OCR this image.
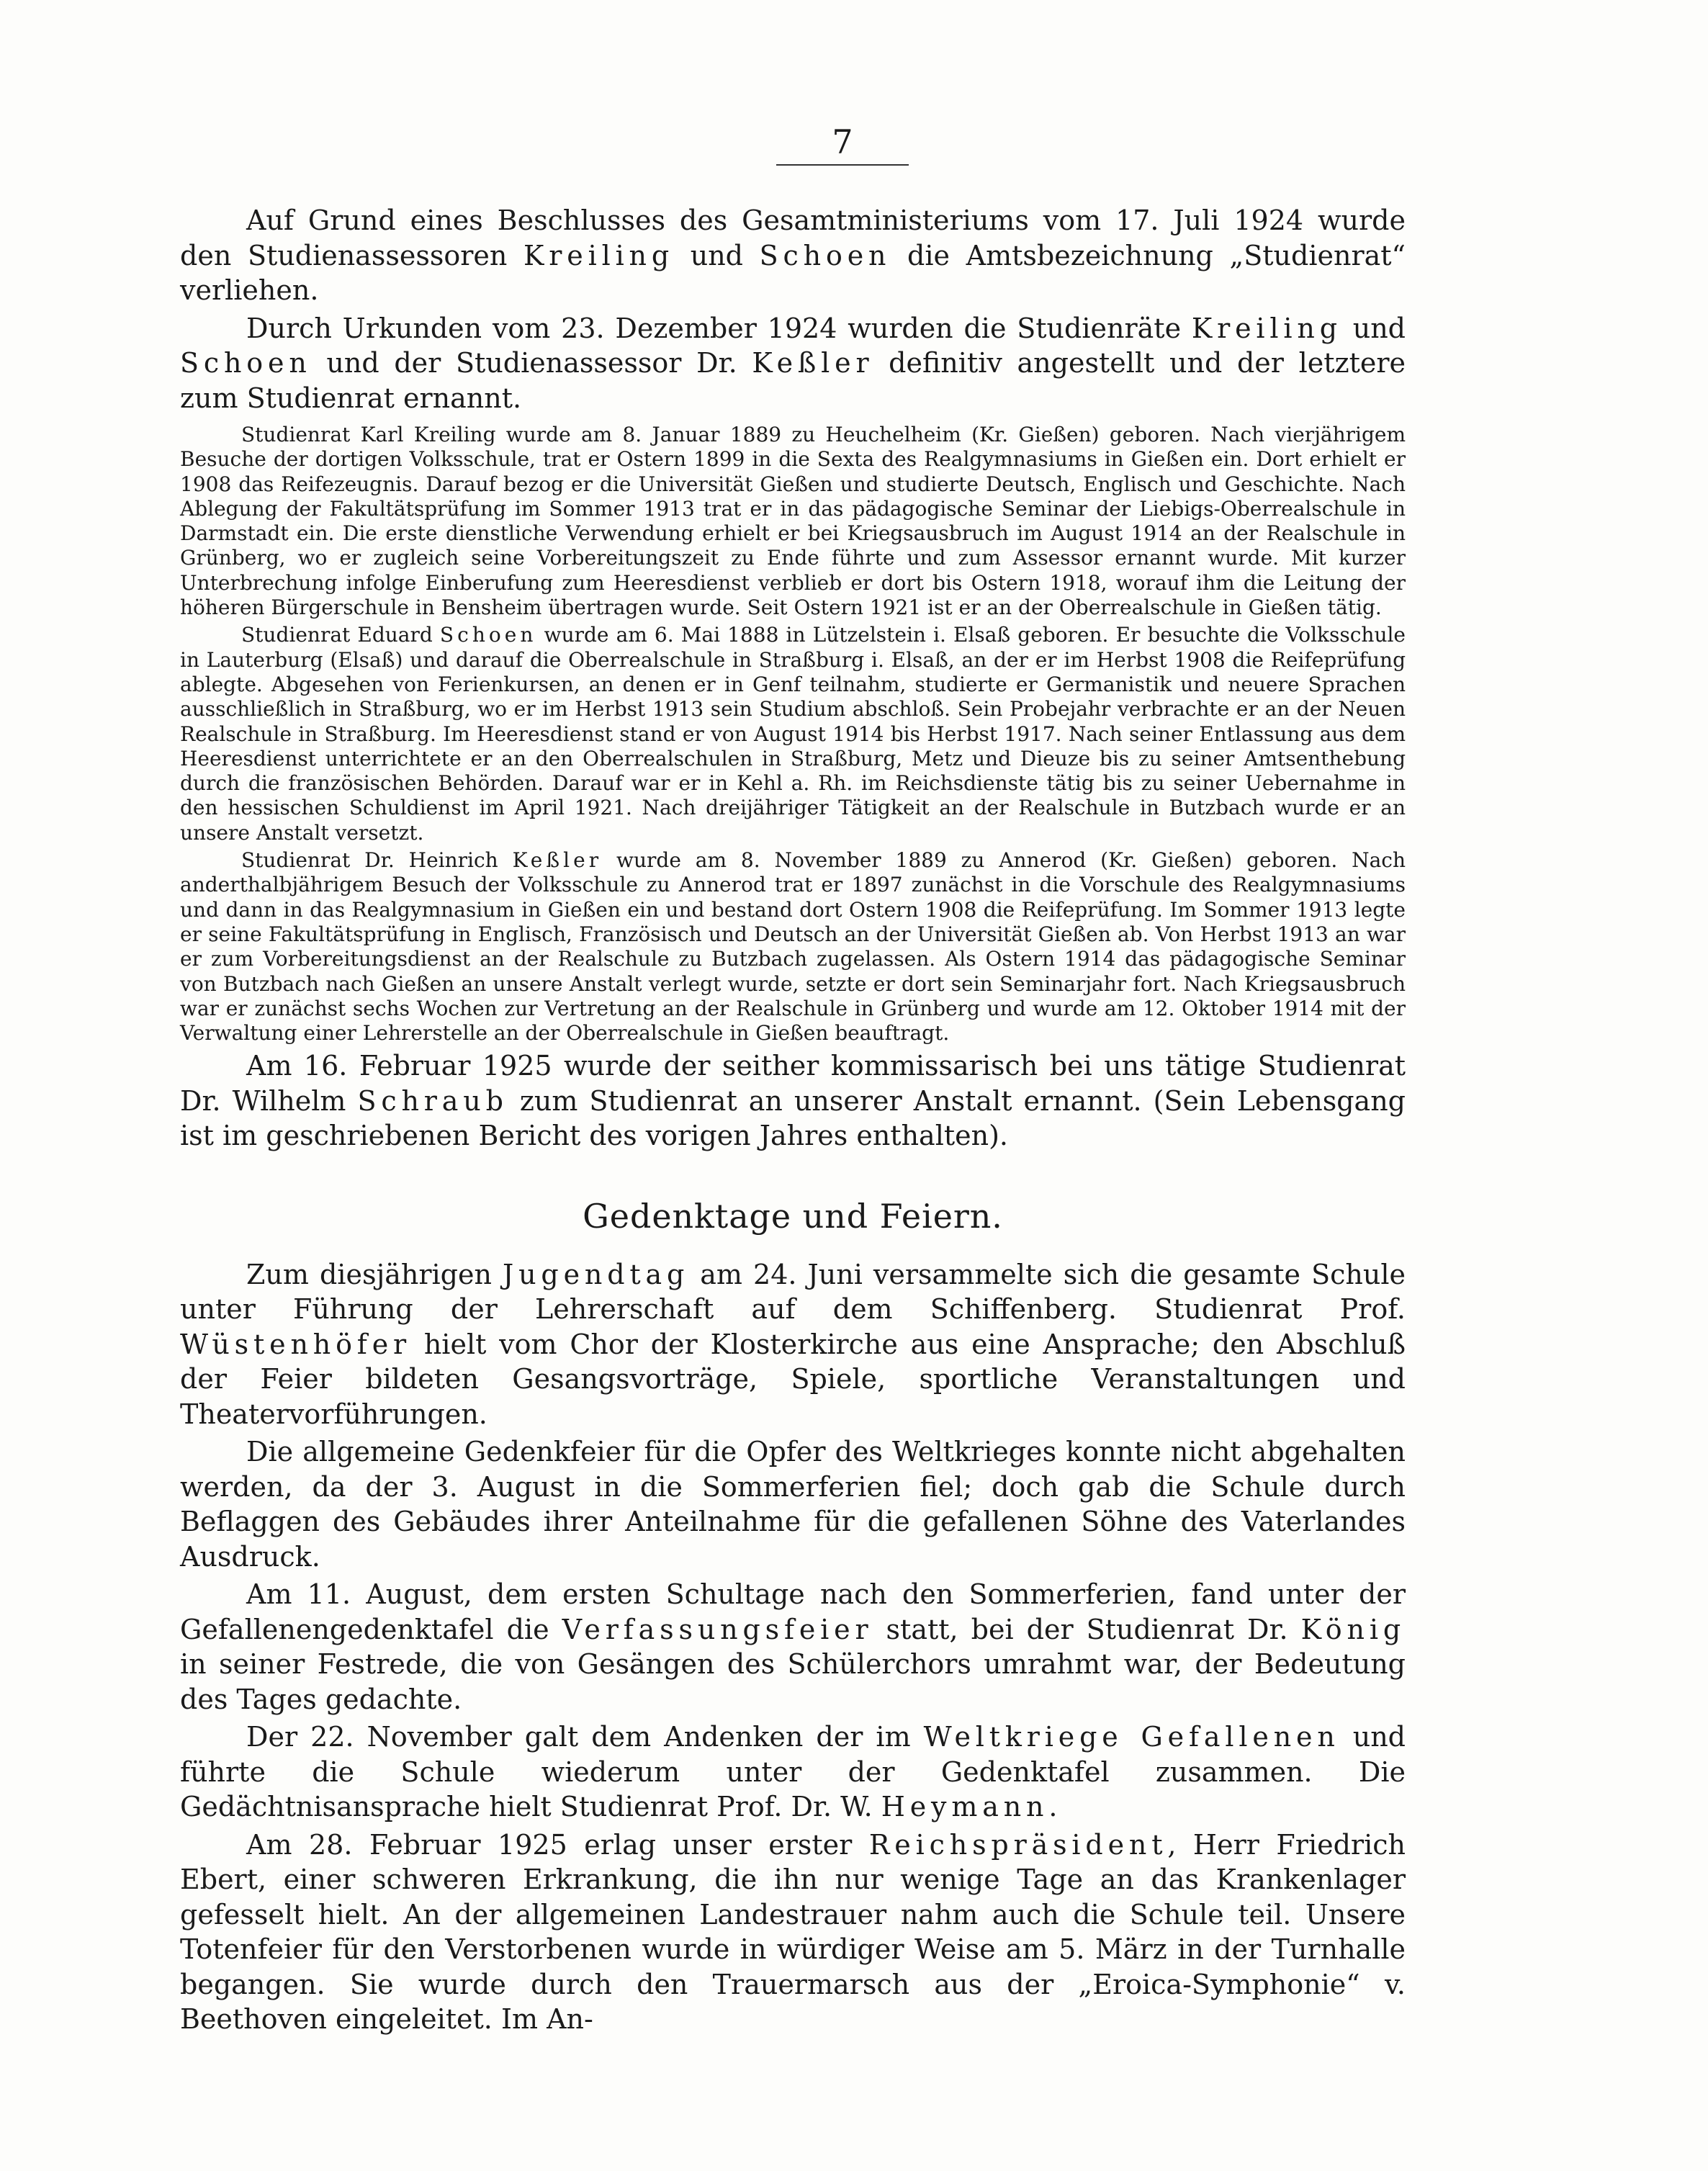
7

Auf Grund eines Beschlusses des Gesamtministeriums vom 17. Juli 1924 wurde den Studienassessoren Kreiling und Schoen die Amtsbezeichnung „Studienrat“ verliehen.

Durch Urkunden vom 23. Dezember 1924 wurden die Studienräte Kreiling und Schoen und der Studienassessor Dr. Keßler definitiv angestellt und der letztere zum Studienrat ernannt.

Studienrat Karl Kreiling wurde am 8. Januar 1889 zu Heuchelheim (Kr. Gießen) geboren. Nach vierjährigem Besuche der dortigen Volksschule, trat er Ostern 1899 in die Sexta des Realgymnasiums in Gießen ein. Dort erhielt er 1908 das Reifezeugnis. Darauf bezog er die Universität Gießen und studierte Deutsch, Englisch und Geschichte. Nach Ablegung der Fakultätsprüfung im Sommer 1913 trat er in das pädagogische Seminar der Liebigs-Oberrealschule in Darmstadt ein. Die erste dienstliche Verwendung erhielt er bei Kriegsausbruch im August 1914 an der Realschule in Grünberg, wo er zugleich seine Vorbereitungszeit zu Ende führte und zum Assessor ernannt wurde. Mit kurzer Unterbrechung infolge Einberufung zum Heeresdienst verblieb er dort bis Ostern 1918, worauf ihm die Leitung der höheren Bürgerschule in Bensheim übertragen wurde. Seit Ostern 1921 ist er an der Oberrealschule in Gießen tätig.

Studienrat Eduard Schoen wurde am 6. Mai 1888 in Lützelstein i. Elsaß geboren. Er besuchte die Volksschule in Lauterburg (Elsaß) und darauf die Oberrealschule in Straßburg i. Elsaß, an der er im Herbst 1908 die Reifeprüfung ablegte. Abgesehen von Ferienkursen, an denen er in Genf teilnahm, studierte er Germanistik und neuere Sprachen ausschließlich in Straßburg, wo er im Herbst 1913 sein Studium abschloß. Sein Probejahr verbrachte er an der Neuen Realschule in Straßburg. Im Heeresdienst stand er von August 1914 bis Herbst 1917. Nach seiner Entlassung aus dem Heeresdienst unterrichtete er an den Oberrealschulen in Straßburg, Metz und Dieuze bis zu seiner Amtsenthebung durch die französischen Behörden. Darauf war er in Kehl a. Rh. im Reichsdienste tätig bis zu seiner Uebernahme in den hessischen Schuldienst im April 1921. Nach dreijähriger Tätigkeit an der Realschule in Butzbach wurde er an unsere Anstalt versetzt.

Studienrat Dr. Heinrich Keßler wurde am 8. November 1889 zu Annerod (Kr. Gießen) geboren. Nach anderthalbjährigem Besuch der Volksschule zu Annerod trat er 1897 zunächst in die Vorschule des Realgymnasiums und dann in das Realgymnasium in Gießen ein und bestand dort Ostern 1908 die Reifeprüfung. Im Sommer 1913 legte er seine Fakultätsprüfung in Englisch, Französisch und Deutsch an der Universität Gießen ab. Von Herbst 1913 an war er zum Vorbereitungsdienst an der Realschule zu Butzbach zugelassen. Als Ostern 1914 das pädagogische Seminar von Butzbach nach Gießen an unsere Anstalt verlegt wurde, setzte er dort sein Seminarjahr fort. Nach Kriegsausbruch war er zunächst sechs Wochen zur Vertretung an der Realschule in Grünberg und wurde am 12. Oktober 1914 mit der Verwaltung einer Lehrerstelle an der Oberrealschule in Gießen beauftragt.

Am 16. Februar 1925 wurde der seither kommissarisch bei uns tätige Studienrat Dr. Wilhelm Schraub zum Studienrat an unserer Anstalt ernannt. (Sein Lebensgang ist im geschriebenen Bericht des vorigen Jahres enthalten).

Gedenktage und Feiern.

Zum diesjährigen Jugendtag am 24. Juni versammelte sich die gesamte Schule unter Führung der Lehrerschaft auf dem Schiffenberg. Studienrat Prof. Wüstenhöfer hielt vom Chor der Klosterkirche aus eine Ansprache; den Abschluß der Feier bildeten Gesangsvorträge, Spiele, sportliche Veranstaltungen und Theatervorführungen.

Die allgemeine Gedenkfeier für die Opfer des Weltkrieges konnte nicht abgehalten werden, da der 3. August in die Sommerferien fiel; doch gab die Schule durch Beflaggen des Gebäudes ihrer Anteilnahme für die gefallenen Söhne des Vaterlandes Ausdruck.

Am 11. August, dem ersten Schultage nach den Sommerferien, fand unter der Gefallenengedenktafel die Verfassungsfeier statt, bei der Studienrat Dr. König in seiner Festrede, die von Gesängen des Schülerchors umrahmt war, der Bedeutung des Tages gedachte.

Der 22. November galt dem Andenken der im Weltkriege Gefallenen und führte die Schule wiederum unter der Gedenktafel zusammen. Die Gedächtnisansprache hielt Studienrat Prof. Dr. W. Heymann.

Am 28. Februar 1925 erlag unser erster Reichspräsident, Herr Friedrich Ebert, einer schweren Erkrankung, die ihn nur wenige Tage an das Krankenlager gefesselt hielt. An der allgemeinen Landestrauer nahm auch die Schule teil. Unsere Totenfeier für den Verstorbenen wurde in würdiger Weise am 5. März in der Turnhalle begangen. Sie wurde durch den Trauermarsch aus der „Eroica-Symphonie“ v. Beethoven eingeleitet. Im An-
